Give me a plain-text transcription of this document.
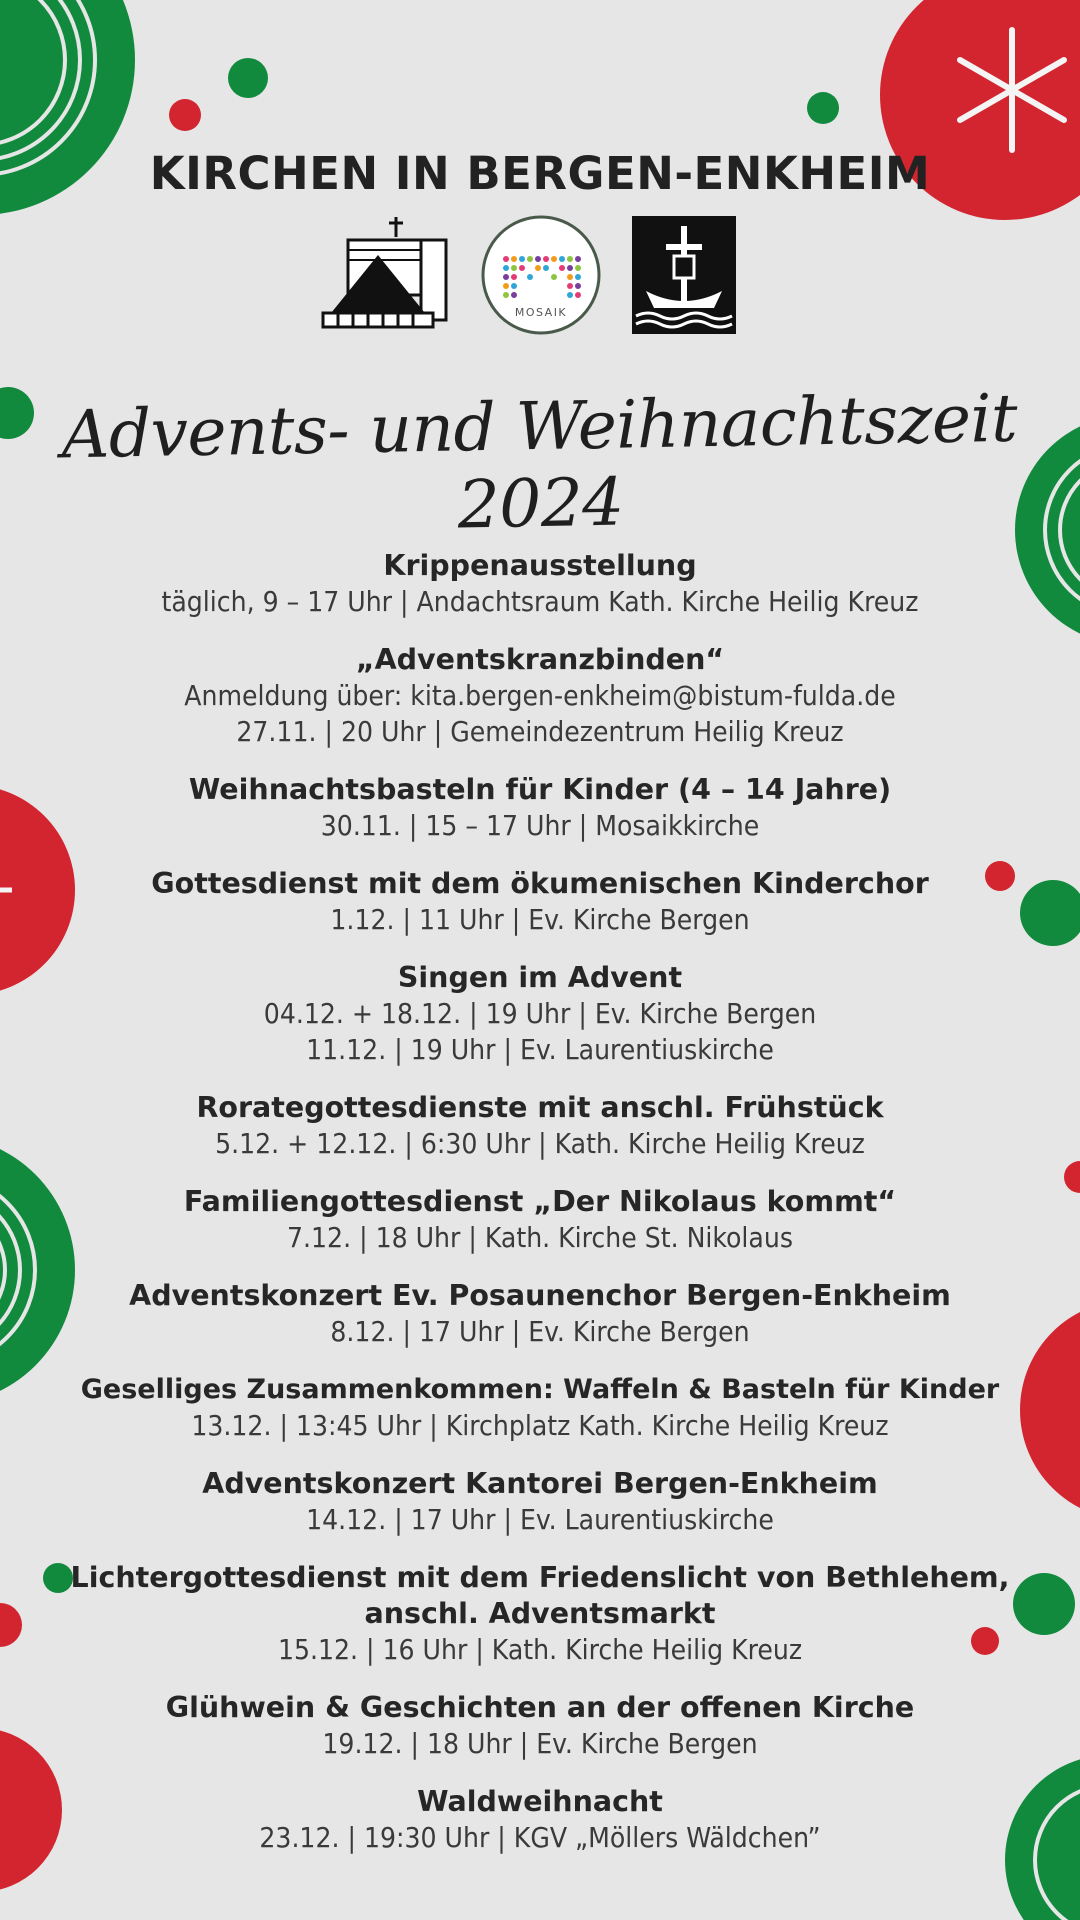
KIRCHEN IN BERGEN-ENKHEIM
MOSAIK
Advents- und Weihnachtszeit 2024
Krippenausstellung
täglich, 9 – 17 Uhr | Andachtsraum Kath. Kirche Heilig Kreuz
„Adventskranzbinden“
Anmeldung über: kita.bergen-enkheim@bistum-fulda.de
27.11. | 20 Uhr | Gemeindezentrum Heilig Kreuz
Weihnachtsbasteln für Kinder (4 – 14 Jahre)
30.11. | 15 – 17 Uhr | Mosaikkirche
Gottesdienst mit dem ökumenischen Kinderchor
1.12. | 11 Uhr | Ev. Kirche Bergen
Singen im Advent
04.12. + 18.12. | 19 Uhr | Ev. Kirche Bergen
11.12. | 19 Uhr | Ev. Laurentiuskirche
Rorategottesdienste mit anschl. Frühstück
5.12. + 12.12. | 6:30 Uhr | Kath. Kirche Heilig Kreuz
Familiengottesdienst „Der Nikolaus kommt“
7.12. | 18 Uhr | Kath. Kirche St. Nikolaus
Adventskonzert Ev. Posaunenchor Bergen-Enkheim
8.12. | 17 Uhr | Ev. Kirche Bergen
Geselliges Zusammenkommen: Waffeln & Basteln für Kinder
13.12. | 13:45 Uhr | Kirchplatz Kath. Kirche Heilig Kreuz
Adventskonzert Kantorei Bergen-Enkheim
14.12. | 17 Uhr | Ev. Laurentiuskirche
Lichtergottesdienst mit dem Friedenslicht von Bethlehem,
anschl. Adventsmarkt
15.12. | 16 Uhr | Kath. Kirche Heilig Kreuz
Glühwein & Geschichten an der offenen Kirche
19.12. | 18 Uhr | Ev. Kirche Bergen
Waldweihnacht
23.12. | 19:30 Uhr | KGV „Möllers Wäldchen”
